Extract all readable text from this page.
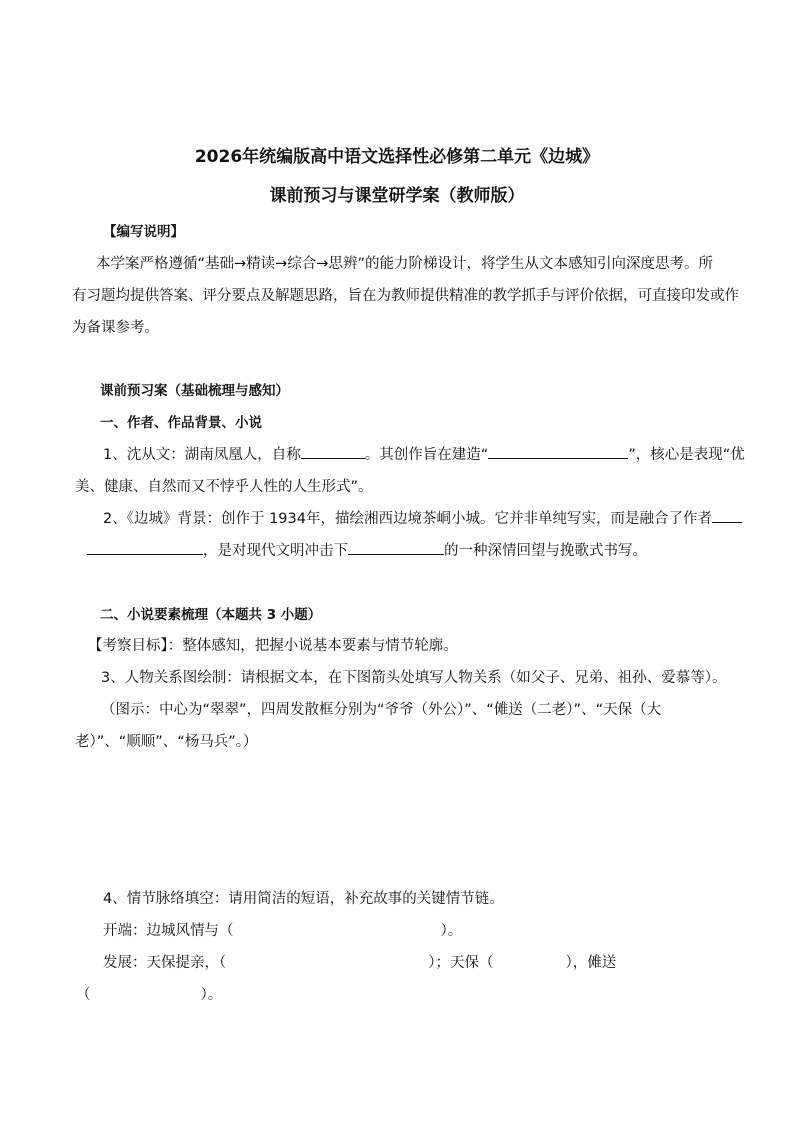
2026年统编版高中语文选择性必修第二单元《边城》
课前预习与课堂研学案（教师版）
【编写说明】
本学案严格遵循“基础→精读→综合→思辨”的能力阶梯设计，将学生从文本感知引向深度思考。所
有习题均提供答案、评分要点及解题思路，旨在为教师提供精准的教学抓手与评价依据，可直接印发或作
为备课参考。
课前预习案（基础梳理与感知）
一、作者、作品背景、小说
1、沈从文：湖南凤凰人，自称	。其创作旨在建造“	”，核心是表现“优
美、健康、自然而又不悖乎人性的人生形式”。
2、《边城》背景：创作于 1934年，描绘湘西边境茶峒小城。它并非单纯写实，而是融合了作者
，是对现代文明冲击下	的一种深情回望与挽歌式书写。
二、小说要素梳理（本题共 3 小题）
【考察目标】：整体感知，把握小说基本要素与情节轮廓。
3、人物关系图绘制：请根据文本，在下图箭头处填写人物关系（如父子、兄弟、祖孙、爱慕等）。
（图示：中心为“翠翠”，四周发散框分别为“爷爷（外公）”、“傩送（二老）”、“天保（大
老）”、“顺顺”、“杨马兵”。）
4、情节脉络填空：请用简洁的短语，补充故事的关键情节链。
开端：边城风情与（	）。
发展：天保提亲，（	）；天保（	），傩送
（	）。
